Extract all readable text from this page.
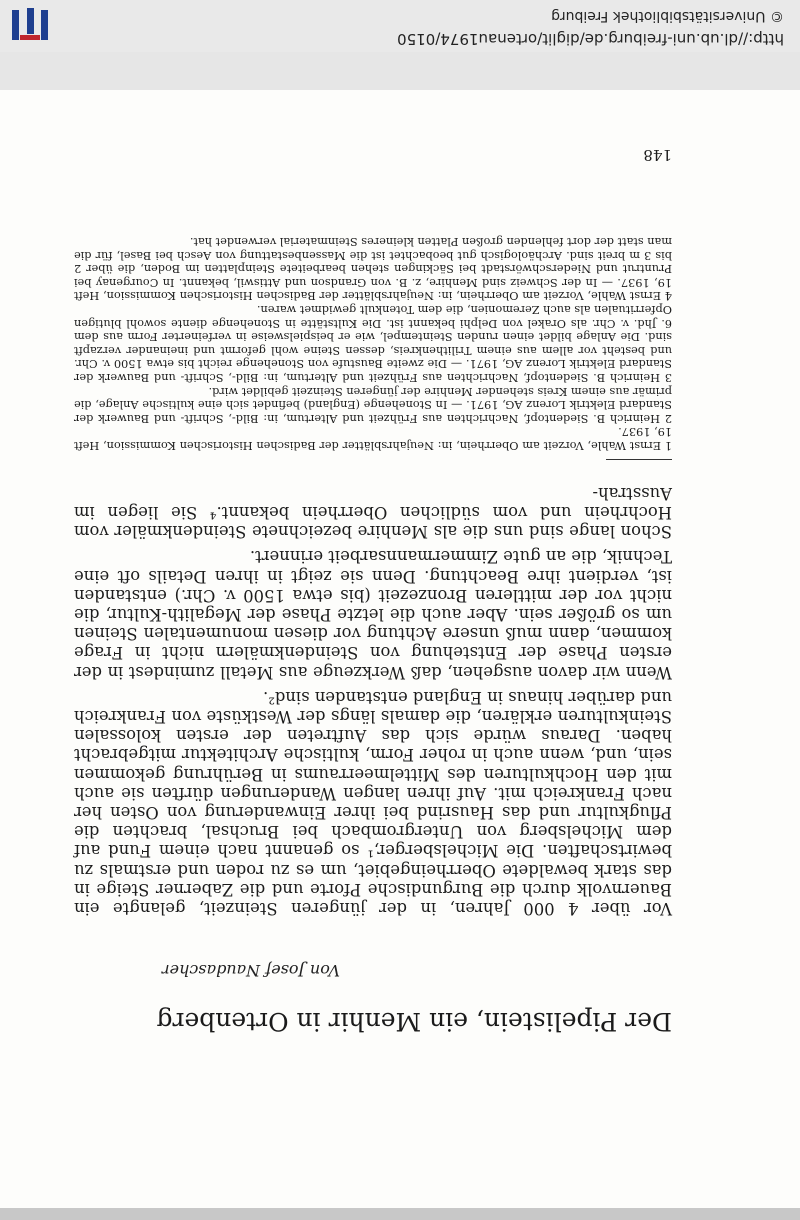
Der Pipelistein, ein Menhir in Ortenberg
Von Josef Naudascher

Vor über 4 000 Jahren, in der jüngeren Steinzeit, gelangte ein Bauernvolk durch die Burgundische Pforte und die Zaberner Steige in das stark bewaldete Oberrheingebiet, um es zu roden und erstmals zu bewirtschaften. Die Michelsberger,¹ so genannt nach einem Fund auf dem Michelsberg von Untergrombach bei Bruchsal, brachten die Pflugkultur und das Hausrind bei ihrer Einwanderung von Osten her nach Frankreich mit. Auf ihren langen Wanderungen dürften sie auch mit den Hochkulturen des Mittelmeerraums in Berührung gekommen sein, und, wenn auch in roher Form, kultische Architektur mitgebracht haben. Daraus würde sich das Auftreten der ersten kolossalen Steinkulturen erklären, die damals längs der Westküste von Frankreich und darüber hinaus in England entstanden sind².

Wenn wir davon ausgehen, daß Werkzeuge aus Metall zumindest in der ersten Phase der Entstehung von Steindenkmälern nicht in Frage kommen, dann muß unsere Achtung vor diesen monumentalen Steinen um so größer sein. Aber auch die letzte Phase der Megalith-Kultur, die nicht vor der mittleren Bronzezeit (bis etwa 1500 v. Chr.) entstanden ist, verdient ihre Beachtung. Denn sie zeigt in ihren Details oft eine Technik, die an gute Zimmermannsarbeit erinnert.

Schon lange sind uns die als Menhire bezeichnete Steindenkmäler vom Hochrhein und vom südlichen Oberrhein bekannt.⁴ Sie liegen im Ausstrah-

1 Ernst Wahle, Vorzeit am Oberrhein, in: Neujahrsblätter der Badischen Historischen Kommission, Heft 19, 1937.
2 Heinrich B. Siedentopf, Nachrichten aus Frühzeit und Altertum, in: Bild-, Schrift- und Bauwerk der Standard Elektrik Lorenz AG, 1971. — In Stonehenge (England) befindet sich eine kultische Anlage, die primär aus einem Kreis stehender Menhire der jüngeren Steinzeit gebildet wird.
3 Heinrich B. Siedentopf, Nachrichten aus Frühzeit und Altertum, in: Bild-, Schrift- und Bauwerk der Standard Elektrik Lorenz AG, 1971. — Die zweite Baustufe von Stonehenge reicht bis etwa 1500 v. Chr. und besteht vor allem aus einem Trilithenkreis, dessen Steine wohl geformt und ineinander verzapft sind. Die Anlage bildet einen runden Steintempel, wie er beispielsweise in verfeinerter Form aus dem 6. Jhd. v. Chr. als Orakel von Delphi bekannt ist. Die Kultstätte in Stonehenge diente sowohl blutigen Opferritualen als auch Zeremonien, die dem Totenkult gewidmet waren.
4 Ernst Wahle, Vorzeit am Oberrhein, in: Neujahrsblätter der Badischen Historischen Kommission, Heft 19, 1937. — In der Schweiz sind Menhire, z. B. von Grandson und Attiswil, bekannt. In Courgenay bei Pruntrut und Niederschwörstadt bei Säckingen stehen bearbeitete Steinplatten im Boden, die über 2 bis 3 m breit sind. Archäologisch gut beobachtet ist die Massenbestattung von Aesch bei Basel, für die man statt der dort fehlenden großen Platten kleineres Steinmaterial verwendet hat.
148
http://dl.ub.uni-freiburg.de/diglit/ortenau1974/0150
© Universitätsbibliothek Freiburg
